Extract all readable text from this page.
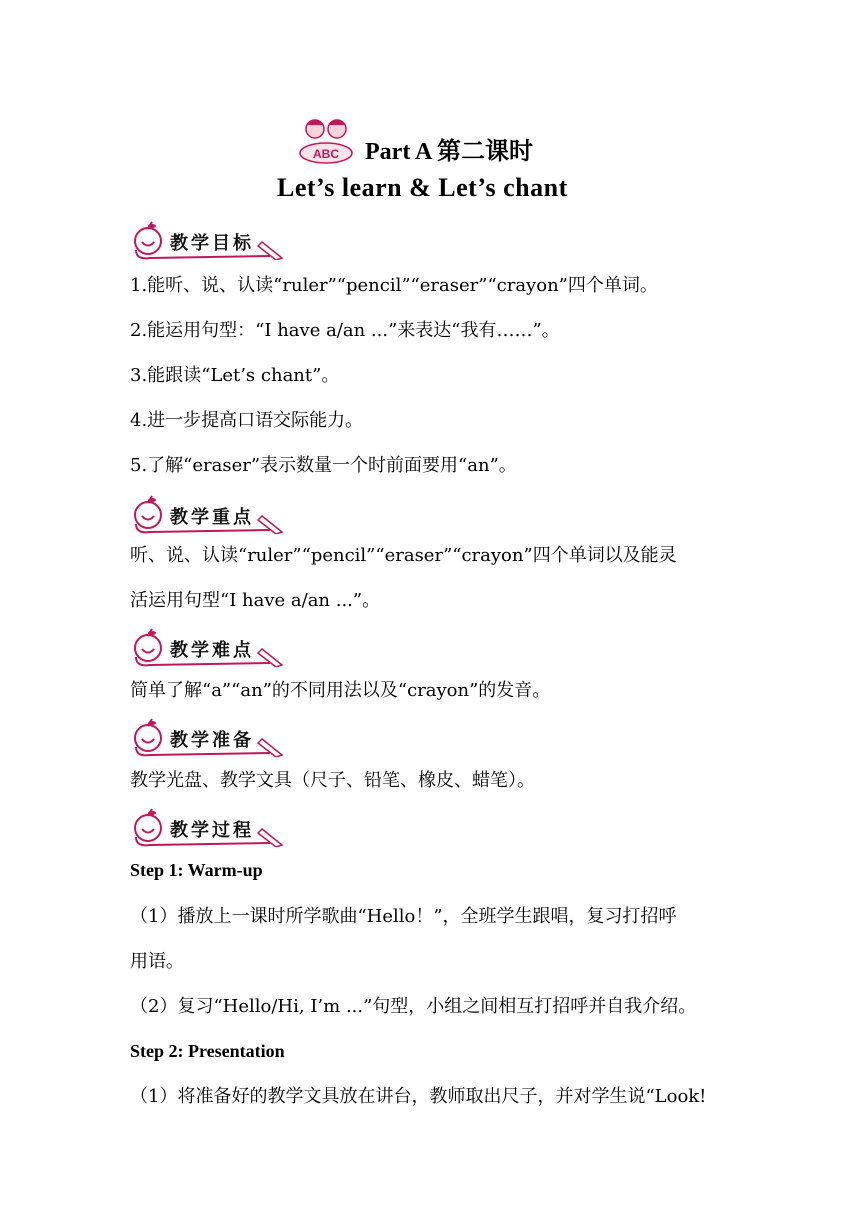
ABC Part A 第二课时
Let’s learn & Let’s chant
教学目标
1.能听、说、认读“ruler”“pencil”“eraser”“crayon”四个单词。
2.能运用句型：“I have a/an ...”来表达“我有……”。
3.能跟读“Let’s chant”。
4.进一步提高口语交际能力。
5.了解“eraser”表示数量一个时前面要用“an”。
教学重点
听、说、认读“ruler”“pencil”“eraser”“crayon”四个单词以及能灵
活运用句型“I have a/an ...”。
教学难点
简单了解“a”“an”的不同用法以及“crayon”的发音。
教学准备
教学光盘、教学文具（尺子、铅笔、橡皮、蜡笔）。
教学过程
Step 1: Warm-up
（1）播放上一课时所学歌曲“Hello！”，全班学生跟唱，复习打招呼
用语。
（2）复习“Hello/Hi, I’m ...”句型，小组之间相互打招呼并自我介绍。
Step 2: Presentation
（1）将准备好的教学文具放在讲台，教师取出尺子，并对学生说“Look!
